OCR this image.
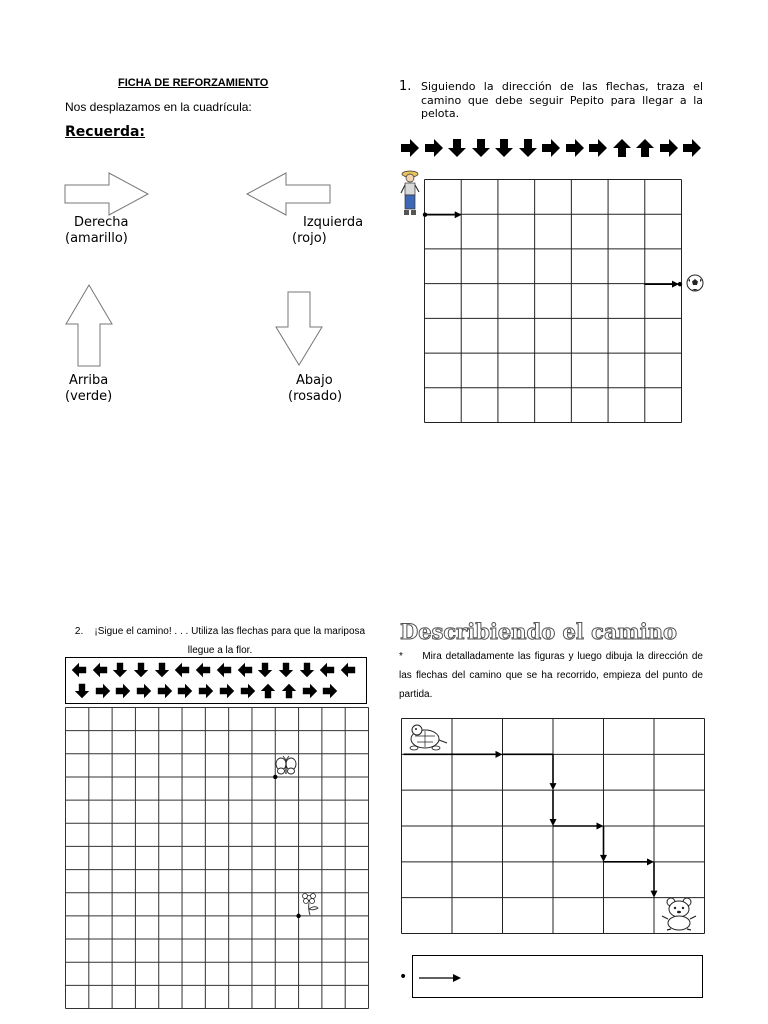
FICHA DE REFORZAMIENTO
Nos desplazamos en la cuadrícula:
Recuerda:
Derecha
(amarillo)
Izquierda
(rojo)
Arriba
(verde)
Abajo
(rosado)
1. Siguiendo la dirección de las flechas, traza el camino que debe seguir Pepito para llegar a la pelota.
2. ¡Sigue el camino! . . . Utiliza las flechas para que la mariposa llegue a la flor.
Describiendo el camino
* Mira detalladamente las figuras y luego dibuja la dirección de las flechas del camino que se ha recorrido, empieza del punto de partida.
•
